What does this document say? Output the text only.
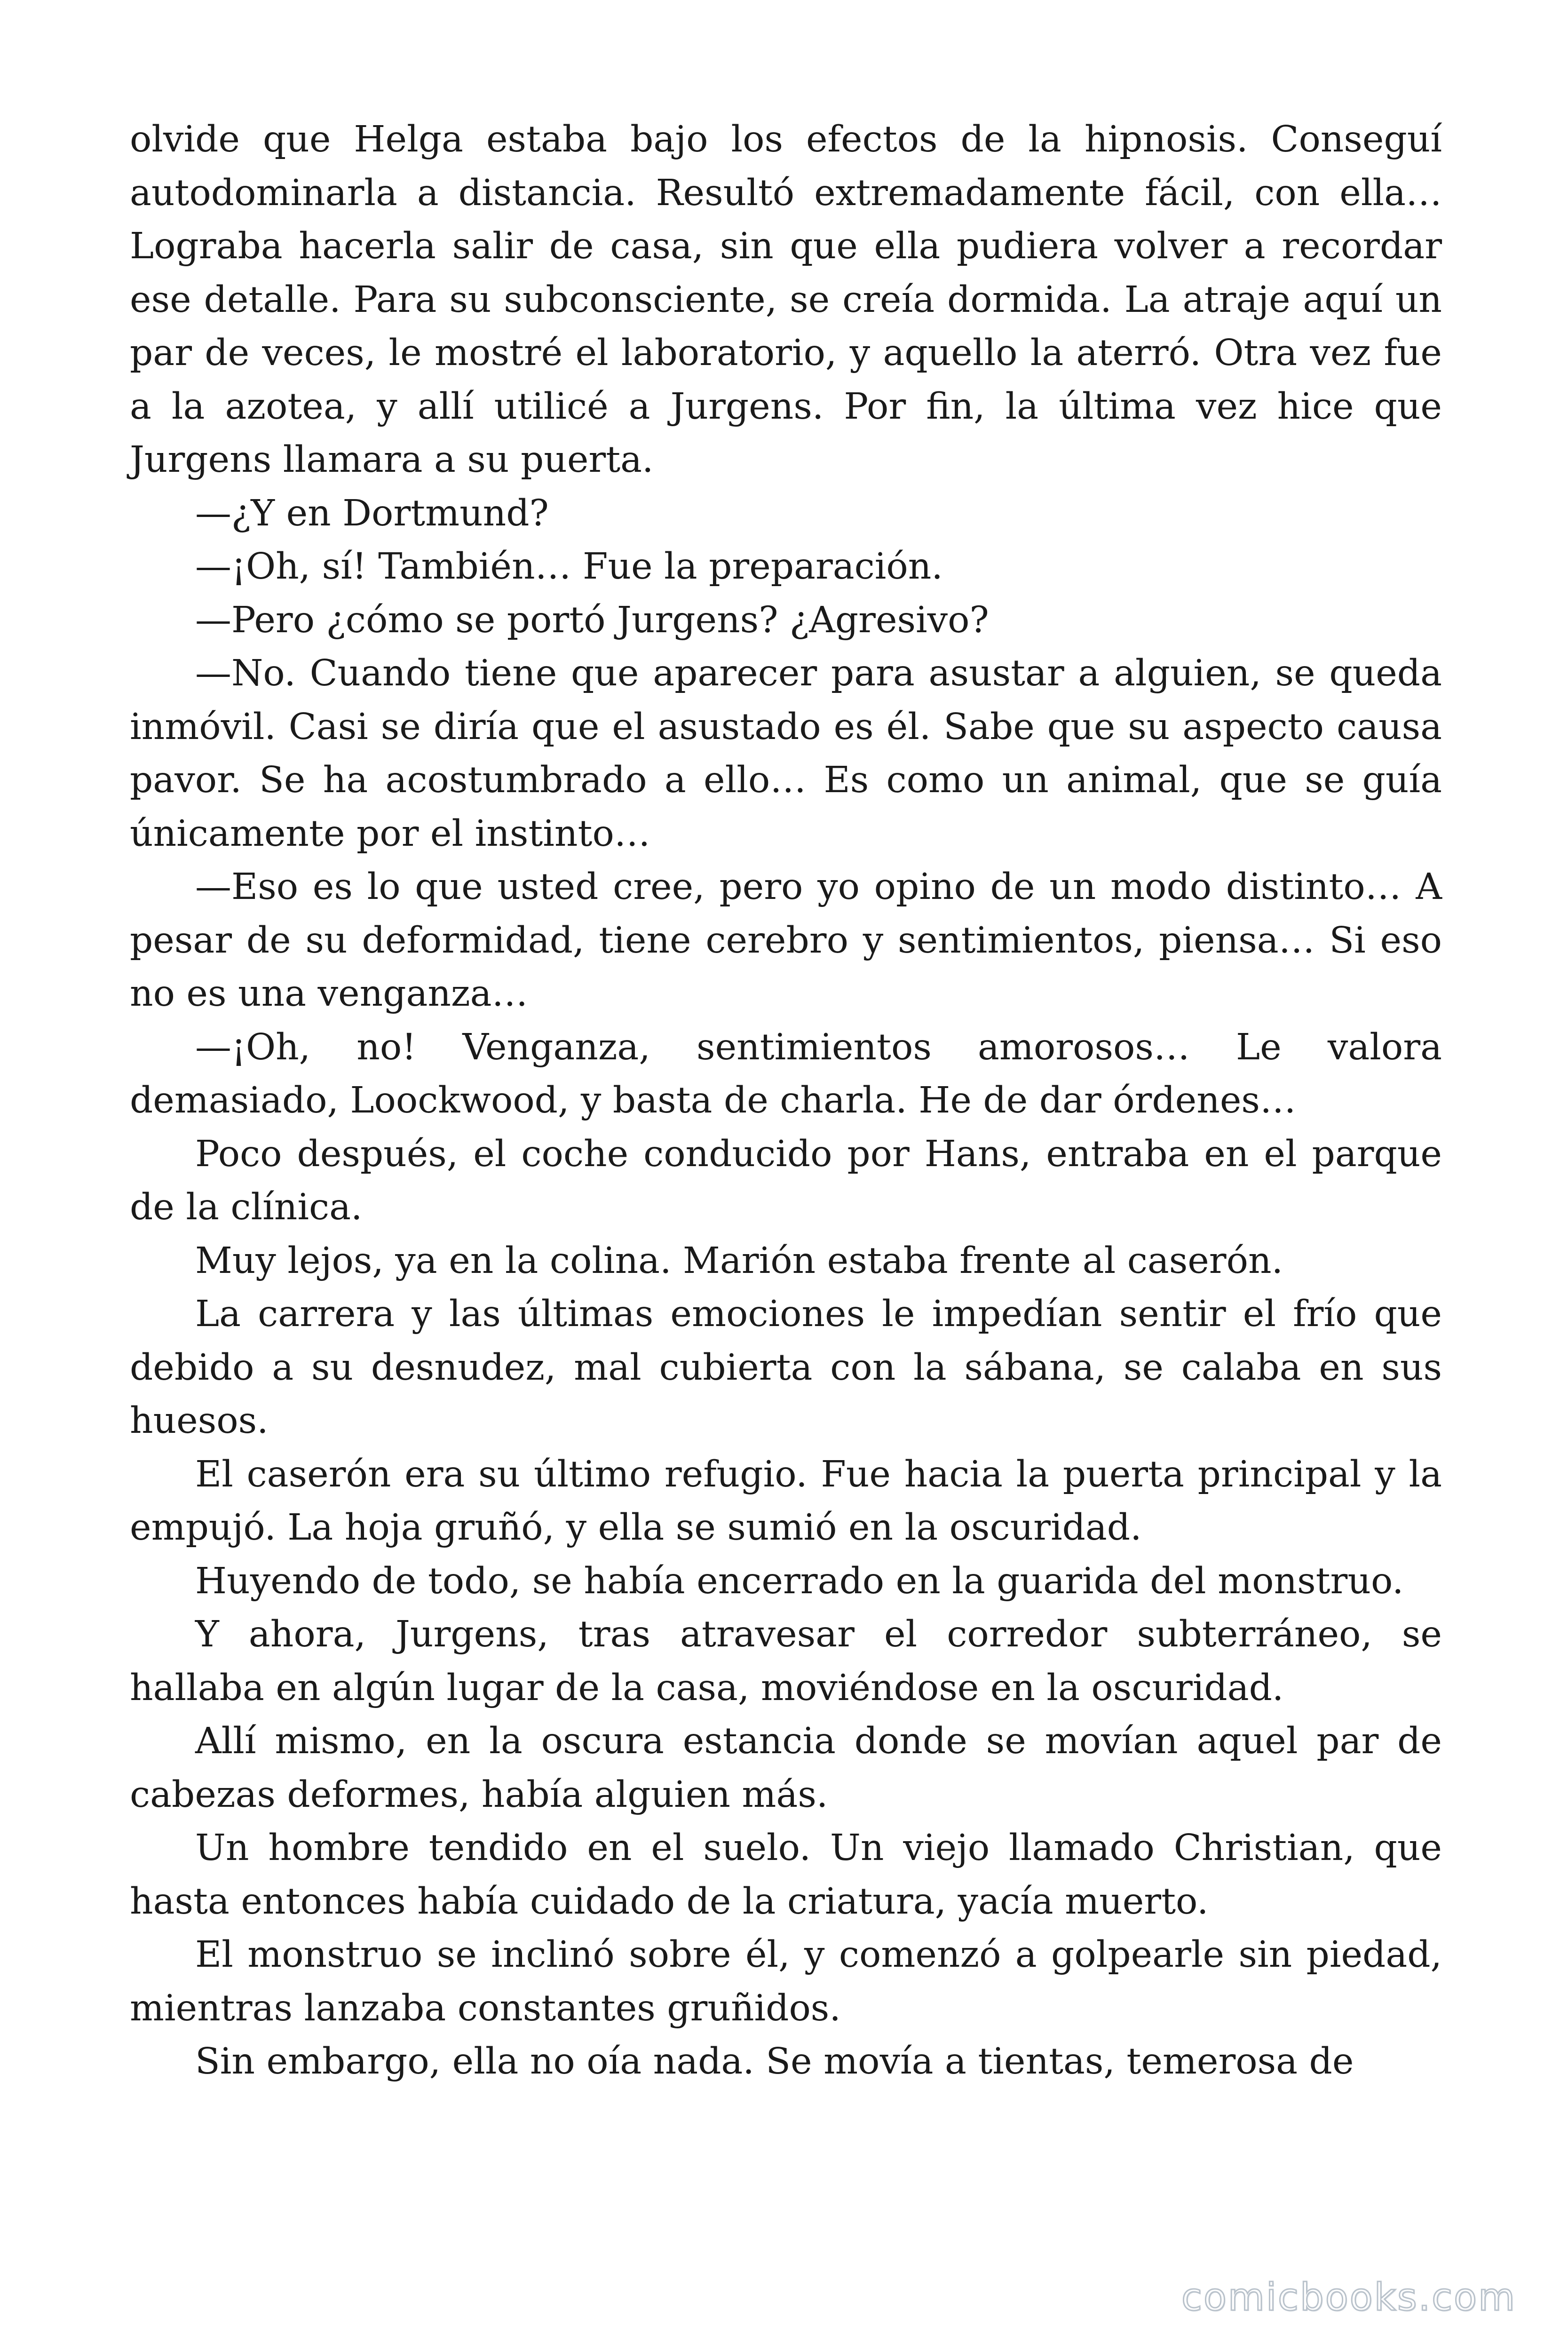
olvide que Helga estaba bajo los efectos de la hipnosis. Conseguí autodominarla a distancia. Resultó extremadamente fácil, con ella… Lograba hacerla salir de casa, sin que ella pudiera volver a recordar ese detalle. Para su subconsciente, se creía dormida. La atraje aquí un par de veces, le mostré el laboratorio, y aquello la aterró. Otra vez fue a la azotea, y allí utilicé a Jurgens. Por fin, la última vez hice que Jurgens llamara a su puerta.

—¿Y en Dortmund?

—¡Oh, sí! También… Fue la preparación.

—Pero ¿cómo se portó Jurgens? ¿Agresivo?

—No. Cuando tiene que aparecer para asustar a alguien, se queda inmóvil. Casi se diría que el asustado es él. Sabe que su aspecto causa pavor. Se ha acostumbrado a ello… Es como un animal, que se guía únicamente por el instinto…

—Eso es lo que usted cree, pero yo opino de un modo distinto… A pesar de su deformidad, tiene cerebro y sentimientos, piensa… Si eso no es una venganza…

—¡Oh, no! Venganza, sentimientos amorosos… Le valora demasiado, Loockwood, y basta de charla. He de dar órdenes…

Poco después, el coche conducido por Hans, entraba en el parque de la clínica.

Muy lejos, ya en la colina. Marión estaba frente al caserón.

La carrera y las últimas emociones le impedían sentir el frío que debido a su desnudez, mal cubierta con la sábana, se calaba en sus huesos.

El caserón era su último refugio. Fue hacia la puerta principal y la empujó. La hoja gruñó, y ella se sumió en la oscuridad.

Huyendo de todo, se había encerrado en la guarida del monstruo.

Y ahora, Jurgens, tras atravesar el corredor subterráneo, se hallaba en algún lugar de la casa, moviéndose en la oscuridad.

Allí mismo, en la oscura estancia donde se movían aquel par de cabezas deformes, había alguien más.

Un hombre tendido en el suelo. Un viejo llamado Christian, que hasta entonces había cuidado de la criatura, yacía muerto.

El monstruo se inclinó sobre él, y comenzó a golpearle sin piedad, mientras lanzaba constantes gruñidos.

Sin embargo, ella no oía nada. Se movía a tientas, temerosa de

comicbooks.com
